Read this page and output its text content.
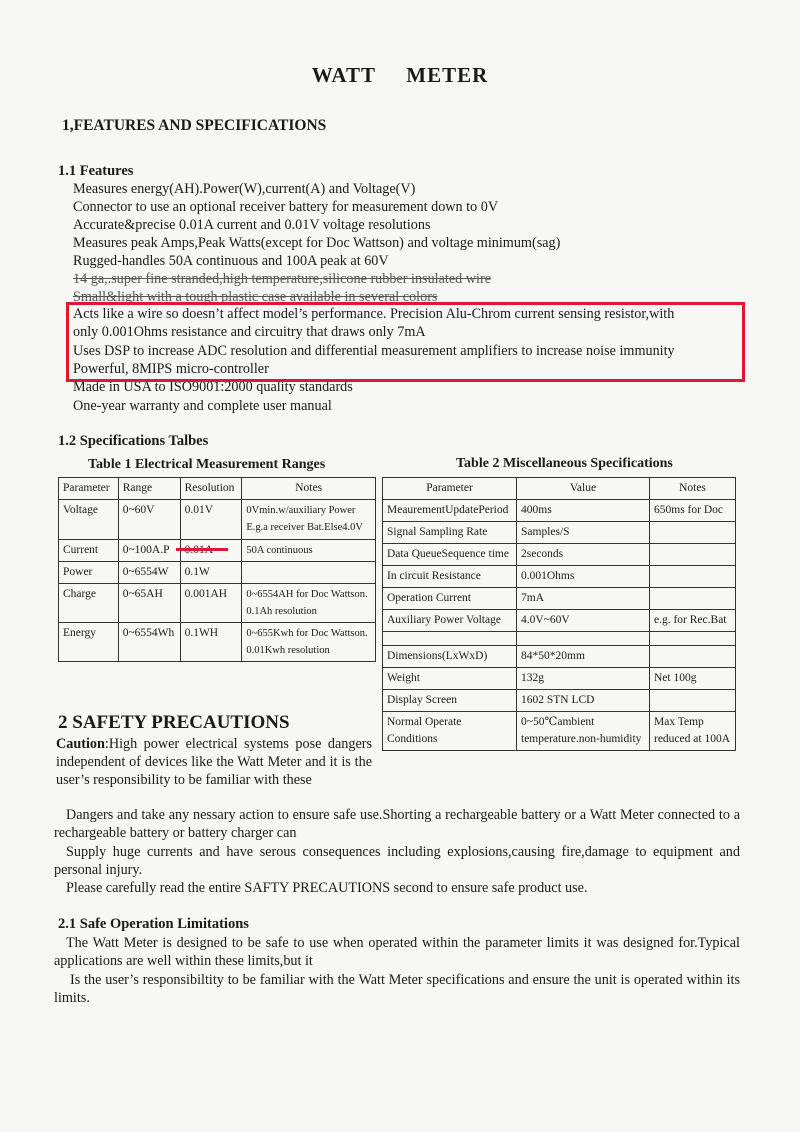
WATT METER
1,FEATURES AND SPECIFICATIONS
1.1 Features
Measures energy(AH).Power(W),current(A) and Voltage(V)
Connector to use an optional receiver battery for measurement down to 0V
Accurate&precise 0.01A current and 0.01V voltage resolutions
Measures peak Amps,Peak Watts(except for Doc Wattson) and voltage minimum(sag)
Rugged-handles 50A continuous and 100A peak at 60V
14 ga,.super fine stranded,high temperature,silicone rubber insulated wire
Small&light with a tough plastic case available in several colors
Acts like a wire so doesn’t affect model’s performance. Precision Alu-Chrom current sensing resistor,with
only 0.001Ohms resistance and circuitry that draws only 7mA
Uses DSP to increase ADC resolution and differential measurement amplifiers to increase noise immunity
Powerful, 8MIPS micro-controller
Made in USA to ISO9001:2000 quality standards
One-year warranty and complete user manual
1.2 Specifications Talbes
Table 1 Electrical Measurement Ranges	Table 2 Miscellaneous Specifications
Parameter	Range	Resolution	Notes
Voltage	0~60V	0.01V	0Vmin.w/auxiliary Power E.g.a receiver Bat.Else4.0V
Current	0~100A.P		50A continuous
Power	0~6554W	0.1W	
Charge	0~65AH	0.001AH	0~6554AH for Doc Wattson. 0.1Ah resolution
Energy	0~6554Wh	0.1WH	0~655Kwh for Doc Wattson. 0.01Kwh resolution
Parameter	Value	Notes
MeaurementUpdatePeriod	400ms	650ms for Doc
Signal Sampling Rate	Samples/S	
Data QueueSequence time	2seconds	
In circuit Resistance	0.001Ohms	
Operation Current	7mA	
Auxiliary Power Voltage	4.0V~60V	e.g. for Rec.Bat

Dimensions(LxWxD)	84*50*20mm	
Weight	132g	Net 100g
Display Screen	1602 STN LCD	
Normal Operate Conditions	0~50℃ambient temperature.non-humidity	Max Temp reduced at 100A
2 SAFETY PRECAUTIONS
Caution:High power electrical systems pose dangers independent of devices like the Watt Meter and it is the user’s responsibility to be familiar with these
Dangers and take any nessary action to ensure safe use.Shorting a rechargeable battery or a Watt Meter connected to a rechargeable battery or battery charger can
Supply huge currents and have serous consequences including explosions,causing fire,damage to equipment and personal injury.
Please carefully read the entire SAFTY PRECAUTIONS second to ensure safe product use.
2.1 Safe Operation Limitations
The Watt Meter is designed to be safe to use when operated within the parameter limits it was designed for.Typical applications are well within these limits,but it
Is the user’s responsibiltity to be familiar with the Watt Meter specifications and ensure the unit is operated within its limits.
